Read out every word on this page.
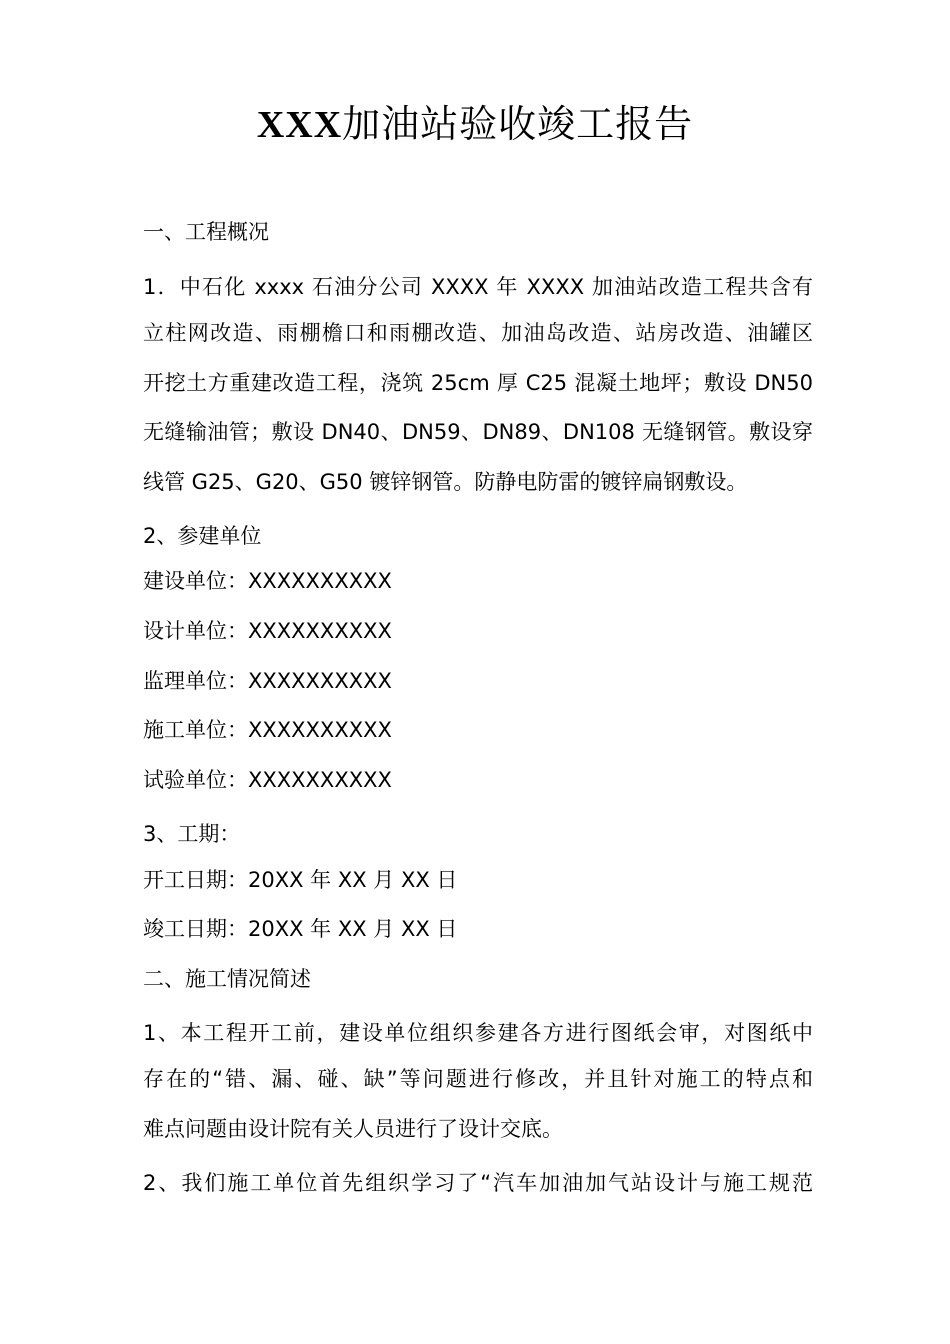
XXX加油站验收竣工报告
一、工程概况
1．中石化 xxxx 石油分公司 XXXX 年 XXXX 加油站改造工程共含有
立柱网改造、雨棚檐口和雨棚改造、加油岛改造、站房改造、油罐区
开挖土方重建改造工程，浇筑 25cm 厚 C25 混凝土地坪；敷设 DN50
无缝输油管；敷设 DN40、DN59、DN89、DN108 无缝钢管。敷设穿
线管 G25、G20、G50 镀锌钢管。防静电防雷的镀锌扁钢敷设。
2、参建单位
建设单位：XXXXXXXXXX
设计单位：XXXXXXXXXX
监理单位：XXXXXXXXXX
施工单位：XXXXXXXXXX
试验单位：XXXXXXXXXX
3、工期：
开工日期：20XX 年 XX 月 XX 日
竣工日期：20XX 年 XX 月 XX 日
二、施工情况简述
1、本工程开工前，建设单位组织参建各方进行图纸会审，对图纸中
存在的“错、漏、碰、缺”等问题进行修改，并且针对施工的特点和
难点问题由设计院有关人员进行了设计交底。
2、我们施工单位首先组织学习了“汽车加油加气站设计与施工规范
